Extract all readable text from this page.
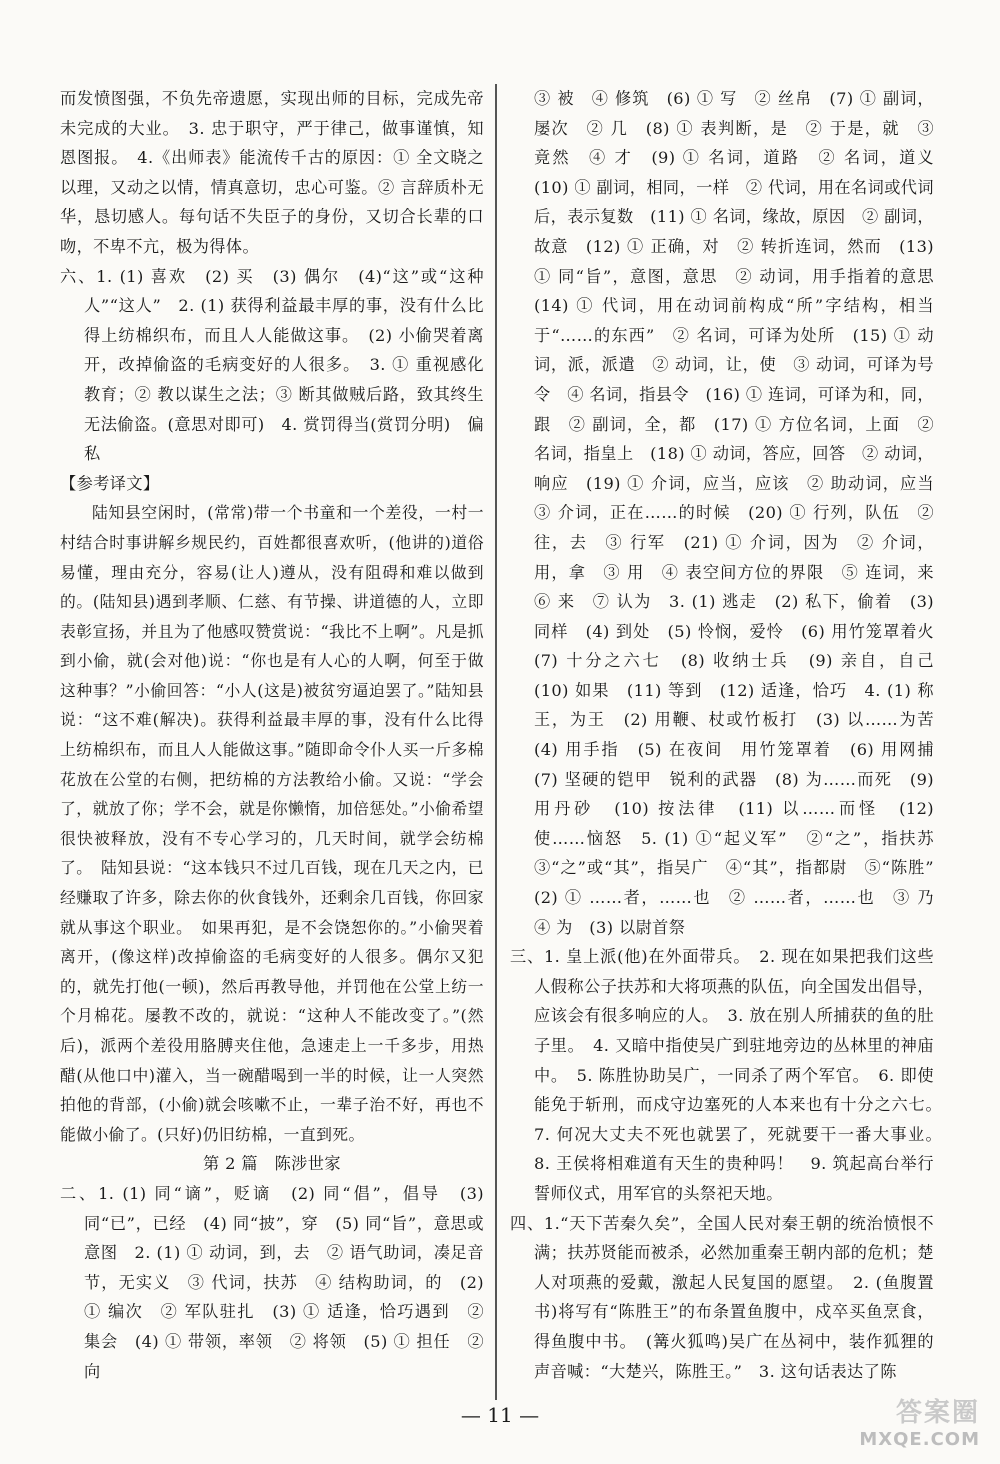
而发愤图强，不负先帝遗愿，实现出师的目标，完成先帝未完成的大业。　3. 忠于职守，严于律己，做事谨慎，知恩图报。　4.《出师表》能流传千古的原因：① 全文晓之以理，又动之以情，情真意切，忠心可鉴。② 言辞质朴无华，恳切感人。每句话不失臣子的身份，又切合长辈的口吻，不卑不亢，极为得体。

六、1. (1) 喜欢　(2) 买　(3) 偶尔　(4)“这”或“这种人”“这人”　2. (1) 获得利益最丰厚的事，没有什么比得上纺棉织布，而且人人能做这事。　(2) 小偷哭着离开，改掉偷盗的毛病变好的人很多。　3. ① 重视感化教育；② 教以谋生之法；③ 断其做贼后路，致其终生无法偷盗。(意思对即可)　4. 赏罚得当(赏罚分明)　偏私

【参考译文】

陆知县空闲时，(常常)带一个书童和一个差役，一村一村结合时事讲解乡规民约，百姓都很喜欢听，(他讲的)道俗易懂，理由充分，容易(让人)遵从，没有阻碍和难以做到的。(陆知县)遇到孝顺、仁慈、有节操、讲道德的人，立即表彰宣扬，并且为了他感叹赞赏说：“我比不上啊”。凡是抓到小偷，就(会对他)说：“你也是有人心的人啊，何至于做这种事？”小偷回答：“小人(这是)被贫穷逼迫罢了。”陆知县说：“这不难(解决)。获得利益最丰厚的事，没有什么比得上纺棉织布，而且人人能做这事。”随即命令仆人买一斤多棉花放在公堂的右侧，把纺棉的方法教给小偷。又说：“学会了，就放了你；学不会，就是你懒惰，加倍惩处。”小偷希望很快被释放，没有不专心学习的，几天时间，就学会纺棉了。　陆知县说：“这本钱只不过几百钱，现在几天之内，已经赚取了许多，除去你的伙食钱外，还剩余几百钱，你回家就从事这个职业。　如果再犯，是不会饶恕你的。”小偷哭着离开，(像这样)改掉偷盗的毛病变好的人很多。偶尔又犯的，就先打他(一顿)，然后再教导他，并罚他在公堂上纺一个月棉花。屡教不改的，就说：“这种人不能改变了。”(然后)，派两个差役用胳膊夹住他，急速走上一千多步，用热醋(从他口中)灌入，当一碗醋喝到一半的时候，让一人突然拍他的背部，(小偷)就会咳嗽不止，一辈子治不好，再也不能做小偷了。(只好)仍旧纺棉，一直到死。

第 2 篇　陈涉世家

二、1. (1) 同“谪”，贬谪　(2) 同“倡”，倡导　(3) 同“已”，已经　(4) 同“披”，穿　(5) 同“旨”，意思或意图　2. (1) ① 动词，到，去　② 语气助词，凑足音节，无实义　③ 代词，扶苏　④ 结构助词，的　(2) ① 编次　② 军队驻扎　(3) ① 适逢，恰巧遇到　② 集会　(4) ① 带领，率领　② 将领　(5) ① 担任　② 向

③ 被　④ 修筑　(6) ① 写　② 丝帛　(7) ① 副词，屡次　② 几　(8) ① 表判断，是　② 于是，就　③ 竟然　④ 才　(9) ① 名词，道路　② 名词，道义　(10) ① 副词，相同，一样　② 代词，用在名词或代词后，表示复数　(11) ① 名词，缘故，原因　② 副词，故意　(12) ① 正确，对　② 转折连词，然而　(13) ① 同“旨”，意图，意思　② 动词，用手指着的意思　(14) ① 代词，用在动词前构成“所”字结构，相当于“……的东西”　② 名词，可译为处所　(15) ① 动词，派，派遣　② 动词，让，使　③ 动词，可译为号令　④ 名词，指县令　(16) ① 连词，可译为和，同，跟　② 副词，全，都　(17) ① 方位名词，上面　② 名词，指皇上　(18) ① 动词，答应，回答　② 动词，响应　(19) ① 介词，应当，应该　② 助动词，应当　③ 介词，正在……的时候　(20) ① 行列，队伍　② 往，去　③ 行军　(21) ① 介词，因为　② 介词，用，拿　③ 用　④ 表空间方位的界限　⑤ 连词，来　⑥ 来　⑦ 认为　3. (1) 逃走　(2) 私下，偷着　(3) 同样　(4) 到处　(5) 怜悯，爱怜　(6) 用竹笼罩着火　(7) 十分之六七　(8) 收纳士兵　(9) 亲自，自己　(10) 如果　(11) 等到　(12) 适逢，恰巧　4. (1) 称王，为王　(2) 用鞭、杖或竹板打　(3) 以……为苦　(4) 用手指　(5) 在夜间　用竹笼罩着　(6) 用网捕　(7) 坚硬的铠甲　锐利的武器　(8) 为……而死　(9) 用丹砂　(10) 按法律　(11) 以……而怪　(12) 使……恼怒　5. (1) ①“起义军”　②“之”，指扶苏　③“之”或“其”，指吴广　④“其”，指都尉　⑤“陈胜”　(2) ① ……者，……也　② ……者，……也　③ 乃　④ 为　(3) 以尉首祭

三、1. 皇上派(他)在外面带兵。　2. 现在如果把我们这些人假称公子扶苏和大将项燕的队伍，向全国发出倡导，应该会有很多响应的人。　3. 放在别人所捕获的鱼的肚子里。　4. 又暗中指使吴广到驻地旁边的丛林里的神庙中。　5. 陈胜协助吴广，一同杀了两个军官。　6. 即使能免于斩刑，而戍守边塞死的人本来也有十分之六七。　7. 何况大丈夫不死也就罢了，死就要干一番大事业。　8. 王侯将相难道有天生的贵种吗！　9. 筑起高台举行誓师仪式，用军官的头祭祀天地。

四、1.“天下苦秦久矣”，全国人民对秦王朝的统治愤恨不满；扶苏贤能而被杀，必然加重秦王朝内部的危机；楚人对项燕的爱戴，激起人民复国的愿望。　2. (鱼腹置书)将写有“陈胜王”的布条置鱼腹中，戍卒买鱼烹食，得鱼腹中书。　(篝火狐鸣)吴广在丛祠中，装作狐狸的声音喊：“大楚兴，陈胜王。”　3. 这句话表达了陈

— 11 —	答案圈
MXQE.COM
